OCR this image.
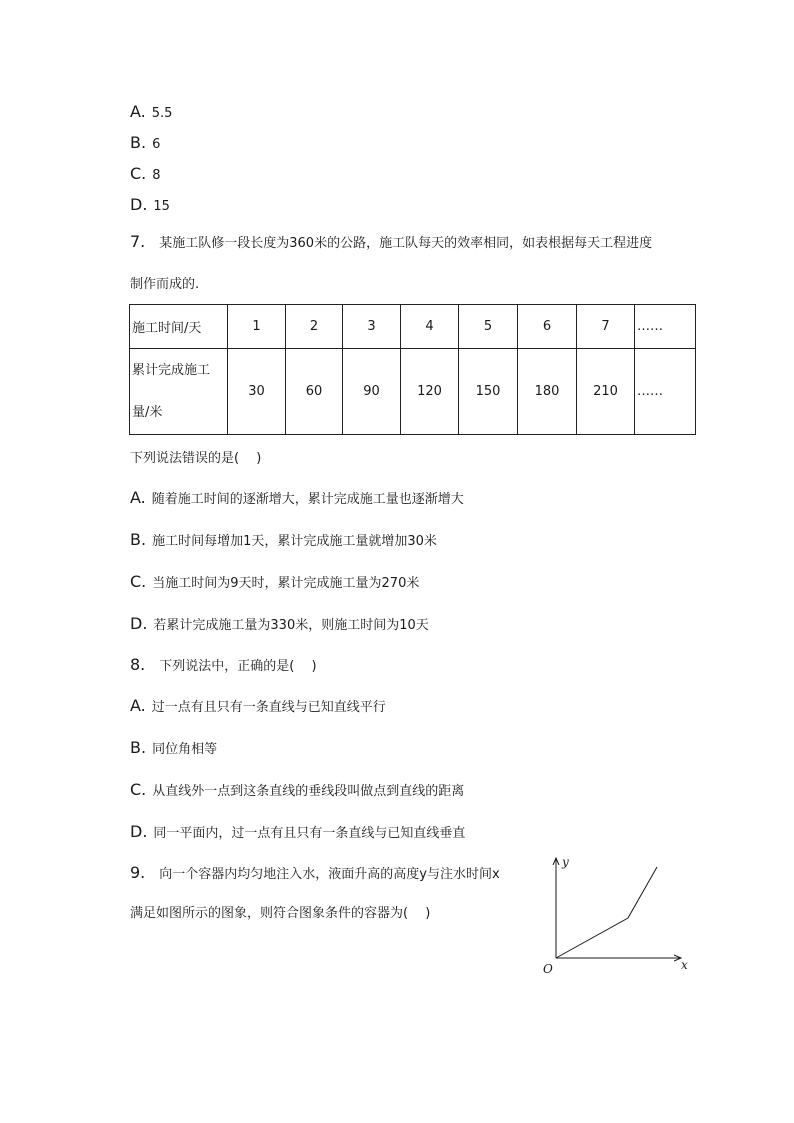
A. 5.5
B. 6
C. 8
D. 15
7. 某施工队修一段长度为360米的公路，施工队每天的效率相同，如表根据每天工程进度
制作而成的.
施工时间/天	1	2	3	4	5	6	7	……
累计完成施工
量/米	30	60	90	120	150	180	210	……
下列说法错误的是(　 )
A. 随着施工时间的逐渐增大，累计完成施工量也逐渐增大
B. 施工时间每增加1天，累计完成施工量就增加30米
C. 当施工时间为9天时，累计完成施工量为270米
D. 若累计完成施工量为330米，则施工时间为10天
8. 下列说法中，正确的是(　 )
A. 过一点有且只有一条直线与已知直线平行
B. 同位角相等
C. 从直线外一点到这条直线的垂线段叫做点到直线的距离
D. 同一平面内，过一点有且只有一条直线与已知直线垂直
9. 向一个容器内均匀地注入水，液面升高的高度y与注水时间x
满足如图所示的图象，则符合图象条件的容器为(　 )
y
x
O
